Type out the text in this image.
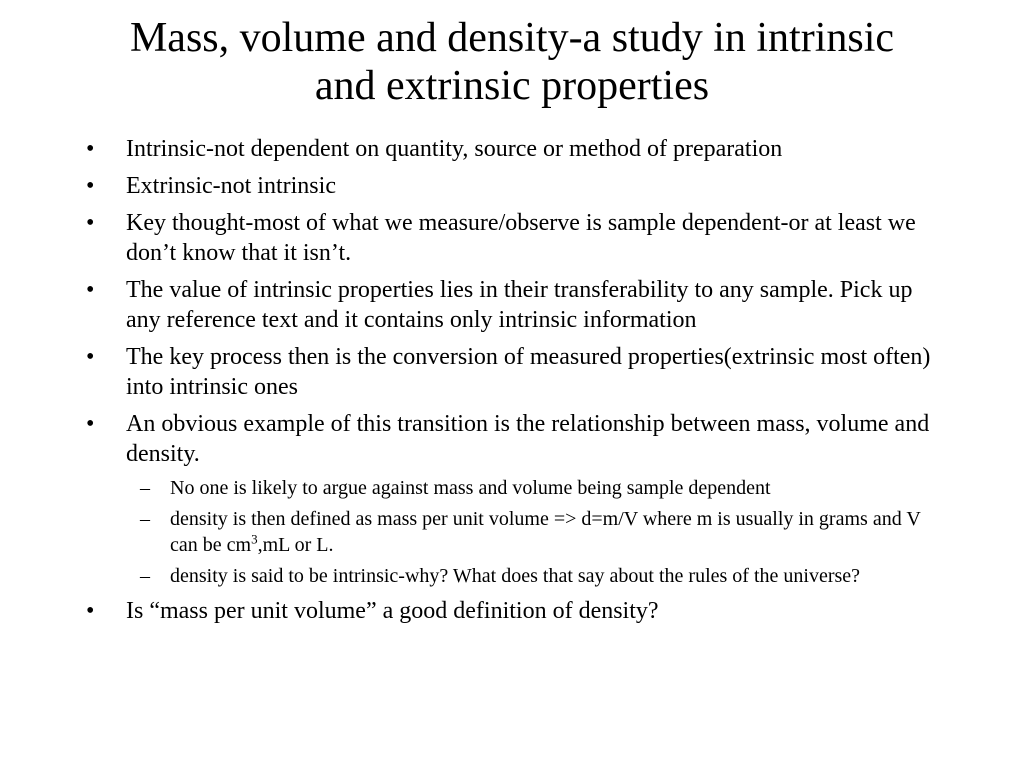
Mass, volume and density-a study in intrinsic
and extrinsic properties
• Intrinsic-not dependent on quantity, source or method of preparation
• Extrinsic-not intrinsic
• Key thought-most of what we measure/observe is sample dependent-or at least we don’t know that it isn’t.
• The value of intrinsic properties lies in their transferability to any sample. Pick up any reference text and it contains only intrinsic information
• The key process then is the conversion of measured properties(extrinsic most often) into intrinsic ones
• An obvious example of this transition is the relationship between mass, volume and density.
– No one is likely to argue against mass and volume being sample dependent
– density is then defined as mass per unit volume => d=m/V where m is usually in grams and V can be $cm^3,mL$ or L.
– density is said to be intrinsic-why? What does that say about the rules of the universe?
• Is “mass per unit volume” a good definition of density?
